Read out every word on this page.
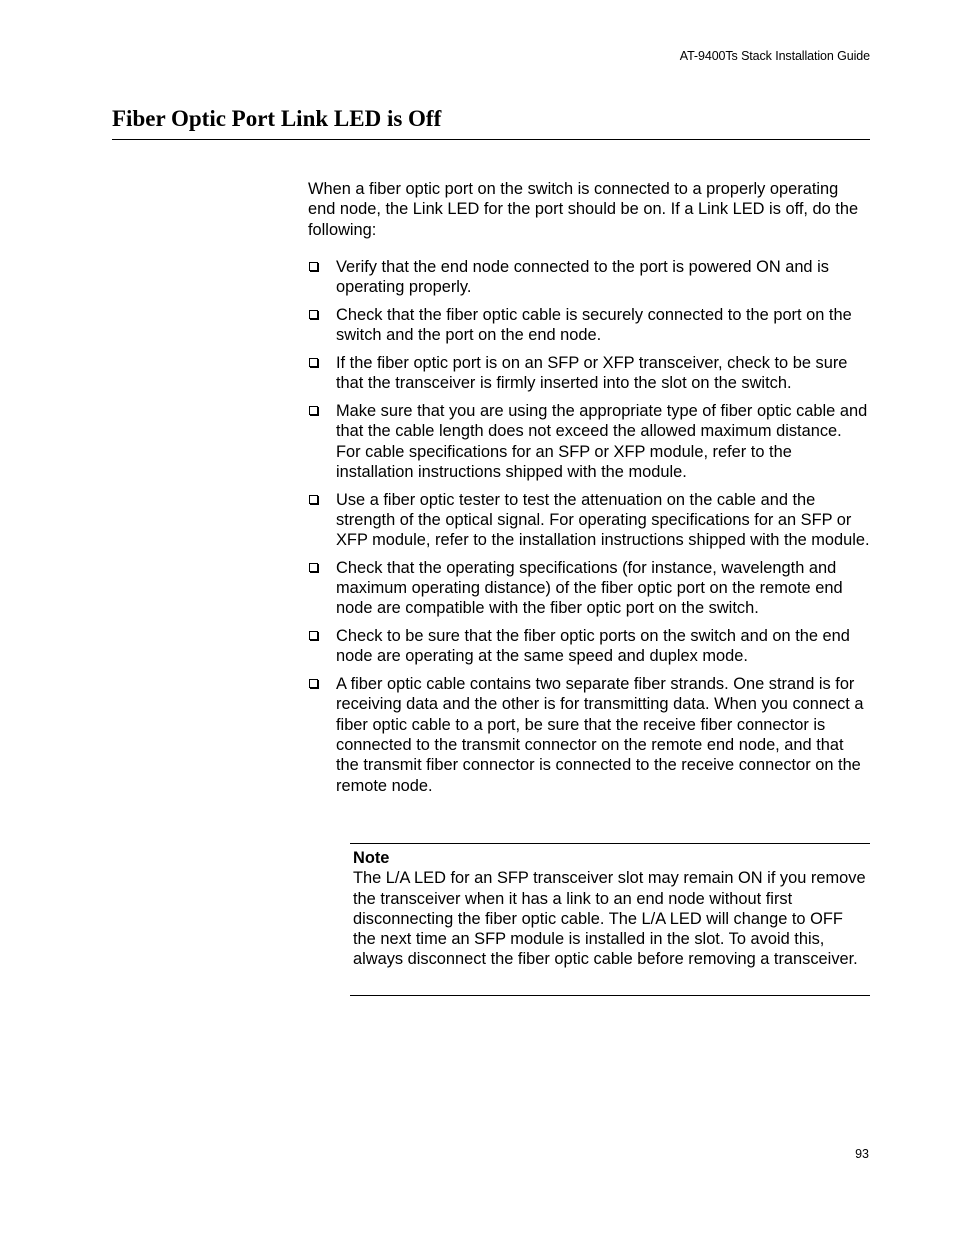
AT-9400Ts Stack Installation Guide
Fiber Optic Port Link LED is Off

When a fiber optic port on the switch is connected to a properly operating end node, the Link LED for the port should be on. If a Link LED is off, do the following:

Verify that the end node connected to the port is powered ON and is operating properly.
Check that the fiber optic cable is securely connected to the port on the switch and the port on the end node.
If the fiber optic port is on an SFP or XFP transceiver, check to be sure that the transceiver is firmly inserted into the slot on the switch.
Make sure that you are using the appropriate type of fiber optic cable and that the cable length does not exceed the allowed maximum distance. For cable specifications for an SFP or XFP module, refer to the installation instructions shipped with the module.
Use a fiber optic tester to test the attenuation on the cable and the strength of the optical signal. For operating specifications for an SFP or XFP module, refer to the installation instructions shipped with the module.
Check that the operating specifications (for instance, wavelength and maximum operating distance) of the fiber optic port on the remote end node are compatible with the fiber optic port on the switch.
Check to be sure that the fiber optic ports on the switch and on the end node are operating at the same speed and duplex mode.
A fiber optic cable contains two separate fiber strands. One strand is for receiving data and the other is for transmitting data. When you connect a fiber optic cable to a port, be sure that the receive fiber connector is connected to the transmit connector on the remote end node, and that the transmit fiber connector is connected to the receive connector on the remote node.
Note
The L/A LED for an SFP transceiver slot may remain ON if you remove the transceiver when it has a link to an end node without first disconnecting the fiber optic cable. The L/A LED will change to OFF the next time an SFP module is installed in the slot. To avoid this, always disconnect the fiber optic cable before removing a transceiver.
93
